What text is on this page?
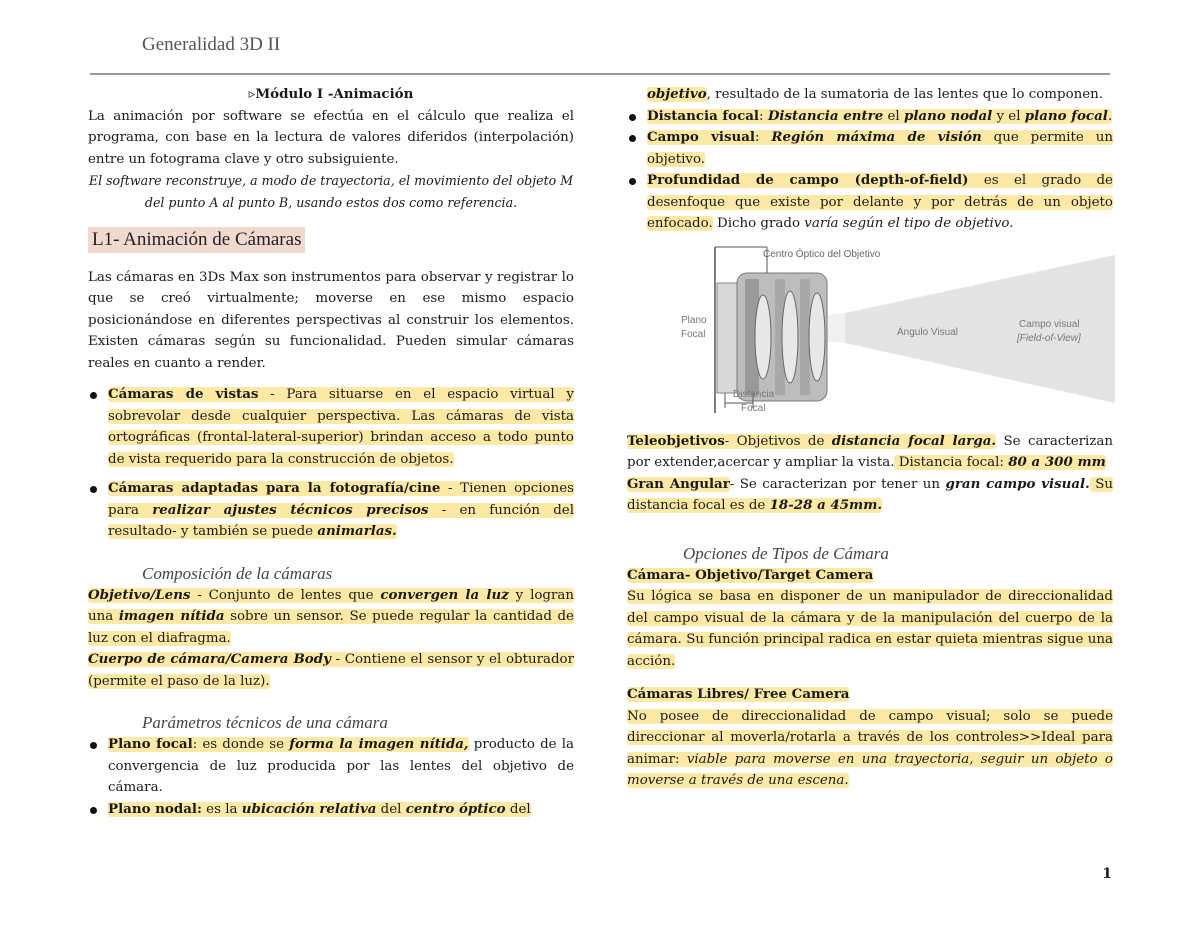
Generalidad 3D II

▹Módulo I -Animación

La animación por software se efectúa en el cálculo que realiza el programa, con base en la lectura de valores diferidos (interpolación) entre un fotograma clave y otro subsiguiente.

El software reconstruye, a modo de trayectoria, el movimiento del objeto M del punto A al punto B, usando estos dos como referencia.

L1- Animación de Cámaras

Las cámaras en 3Ds Max son instrumentos para observar y registrar lo que se creó virtualmente; moverse en ese mismo espacio posicionándose en diferentes perspectivas al construir los elementos. Existen cámaras según su funcionalidad. Pueden simular cámaras reales en cuanto a render.

Cámaras de vistas - Para situarse en el espacio virtual y sobrevolar desde cualquier perspectiva. Las cámaras de vista ortográficas (frontal-lateral-superior) brindan acceso a todo punto de vista requerido para la construcción de objetos.
Cámaras adaptadas para la fotografía/cine - Tienen opciones para realizar ajustes técnicos precisos - en función del resultado- y también se puede animarlas.

Composición de la cámaras

Objetivo/Lens - Conjunto de lentes que convergen la luz y logran una imagen nítida sobre un sensor. Se puede regular la cantidad de luz con el diafragma.

Cuerpo de cámara/Camera Body - Contiene el sensor y el obturador (permite el paso de la luz).

Parámetros técnicos de una cámara

Plano focal: es donde se forma la imagen nítida, producto de la convergencia de luz producida por las lentes del objetivo de cámara.
Plano nodal: es la ubicación relativa del centro óptico del

objetivo, resultado de la sumatoria de las lentes que lo componen.

Distancia focal: Distancia entre el plano nodal y el plano focal.
Campo visual: Región máxima de visión que permite un objetivo.
Profundidad de campo (depth-of-field) es el grado de desenfoque que existe por delante y por detrás de un objeto enfocado. Dicho grado varía según el tipo de objetivo.
Centro Óptico del Objetivo
Plano
Focal	Ángulo Visual
Campo visual
[Field-of-View]
Distancia
Focal

Teleobjetivos- Objetivos de distancia focal larga. Se caracterizan por extender,acercar y ampliar la vista. Distancia focal: 80 a 300 mm

Gran Angular- Se caracterizan por tener un gran campo visual. Su distancia focal es de 18-28 a 45mm.

Opciones de Tipos de Cámara

Cámara- Objetivo/Target Camera

Su lógica se basa en disponer de un manipulador de direccionalidad del campo visual de la cámara y de la manipulación del cuerpo de la cámara. Su función principal radica en estar quieta mientras sigue una acción.

Cámaras Libres/ Free Camera

No posee de direccionalidad de campo visual; solo se puede direccionar al moverla/rotarla a través de los controles>>Ideal para animar: viable para moverse en una trayectoria, seguir un objeto o moverse a través de una escena.

1
